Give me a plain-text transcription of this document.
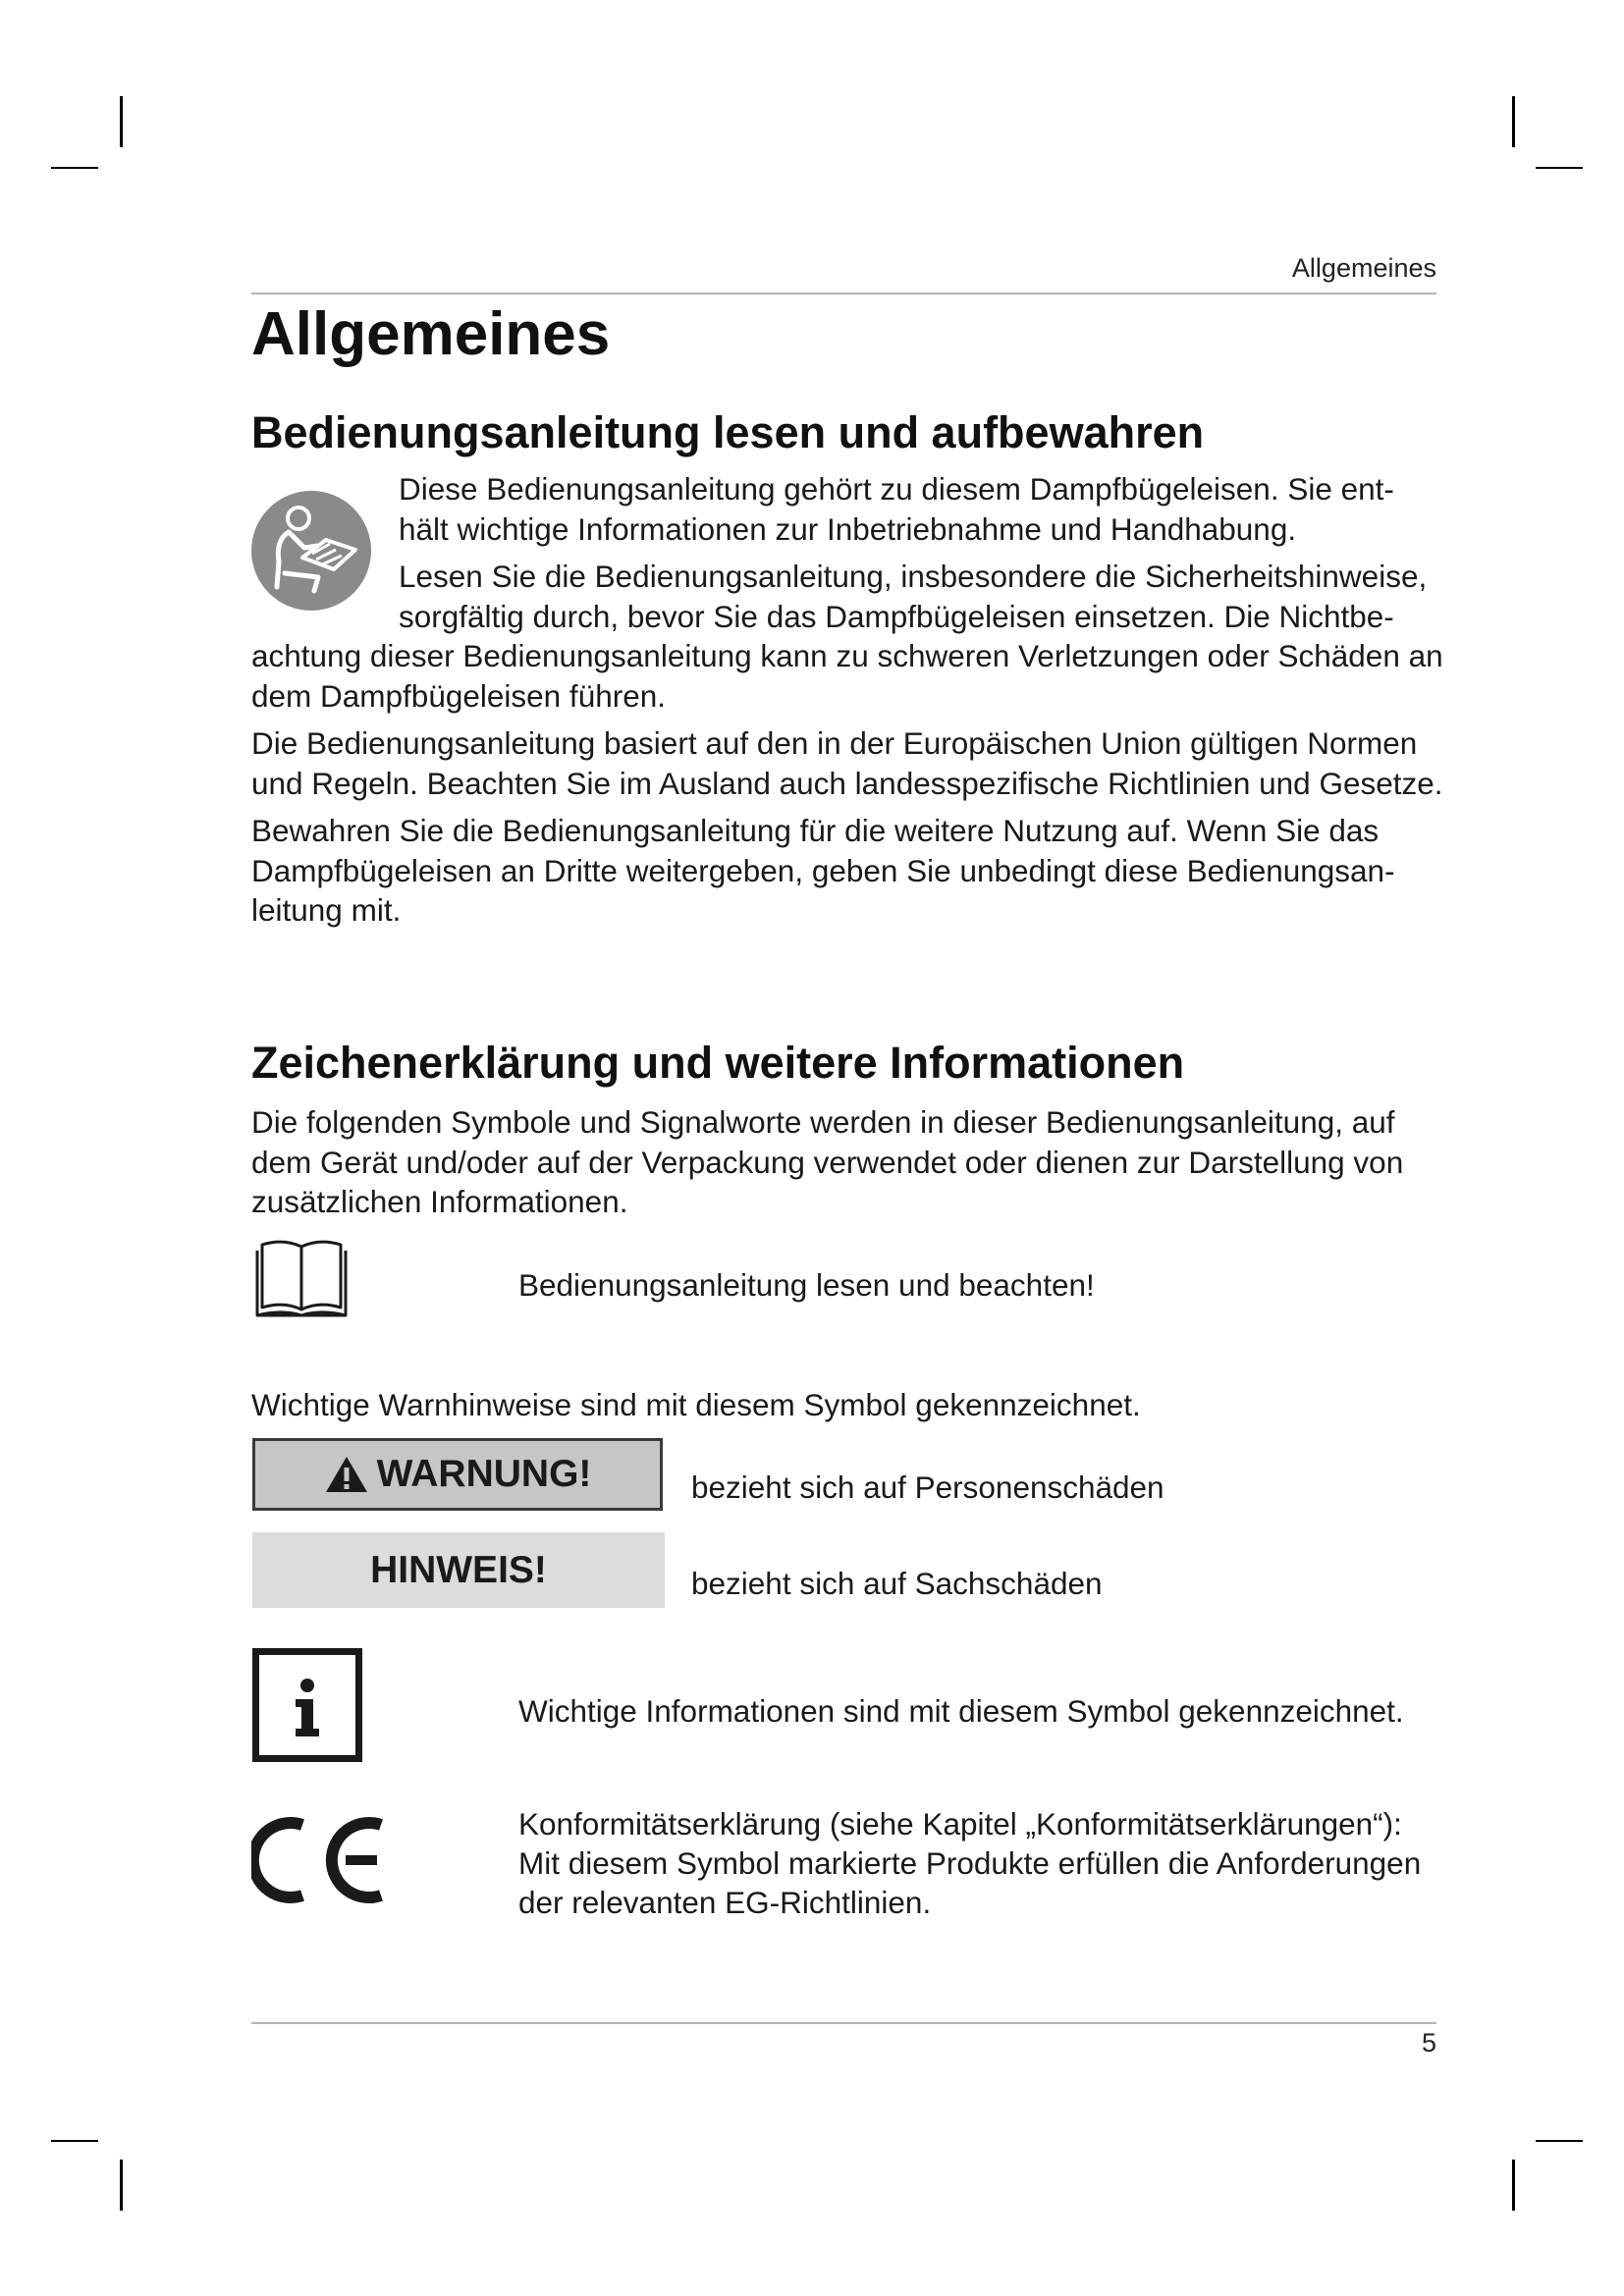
Allgemeines
Allgemeines
Bedienungsanleitung lesen und aufbewahren

Diese Bedienungsanleitung gehört zu diesem Dampfbügeleisen. Sie ent-

hält wichtige Informationen zur Inbetriebnahme und Handhabung.

Lesen Sie die Bedienungsanleitung, insbesondere die Sicherheitshinweise,

sorgfältig durch, bevor Sie das Dampfbügeleisen einsetzen. Die Nichtbe-

achtung dieser Bedienungsanleitung kann zu schweren Verletzungen oder Schäden an dem Dampfbügeleisen führen.

Die Bedienungsanleitung basiert auf den in der Europäischen Union gültigen Normen und Regeln. Beachten Sie im Ausland auch landesspezifische Richtlinien und Gesetze.

Bewahren Sie die Bedienungsanleitung für die weitere Nutzung auf. Wenn Sie das Dampfbügeleisen an Dritte weitergeben, geben Sie unbedingt diese Bedienungsan-leitung mit.

Zeichenerklärung und weitere Informationen
Die folgenden Symbole und Signalworte werden in dieser Bedienungsanleitung, auf dem Gerät und/oder auf der Verpackung verwendet oder dienen zur Darstellung von zusätzlichen Informationen.
Bedienungsanleitung lesen und beachten!
Wichtige Warnhinweise sind mit diesem Symbol gekennzeichnet.
WARNUNG!	bezieht sich auf Personenschäden
HINWEIS!	bezieht sich auf Sachschäden
Wichtige Informationen sind mit diesem Symbol gekennzeichnet.
Konformitätserklärung (siehe Kapitel „Konformitätserklärungen“):
Mit diesem Symbol markierte Produkte erfüllen die Anforderungen
der relevanten EG-Richtlinien.
5
